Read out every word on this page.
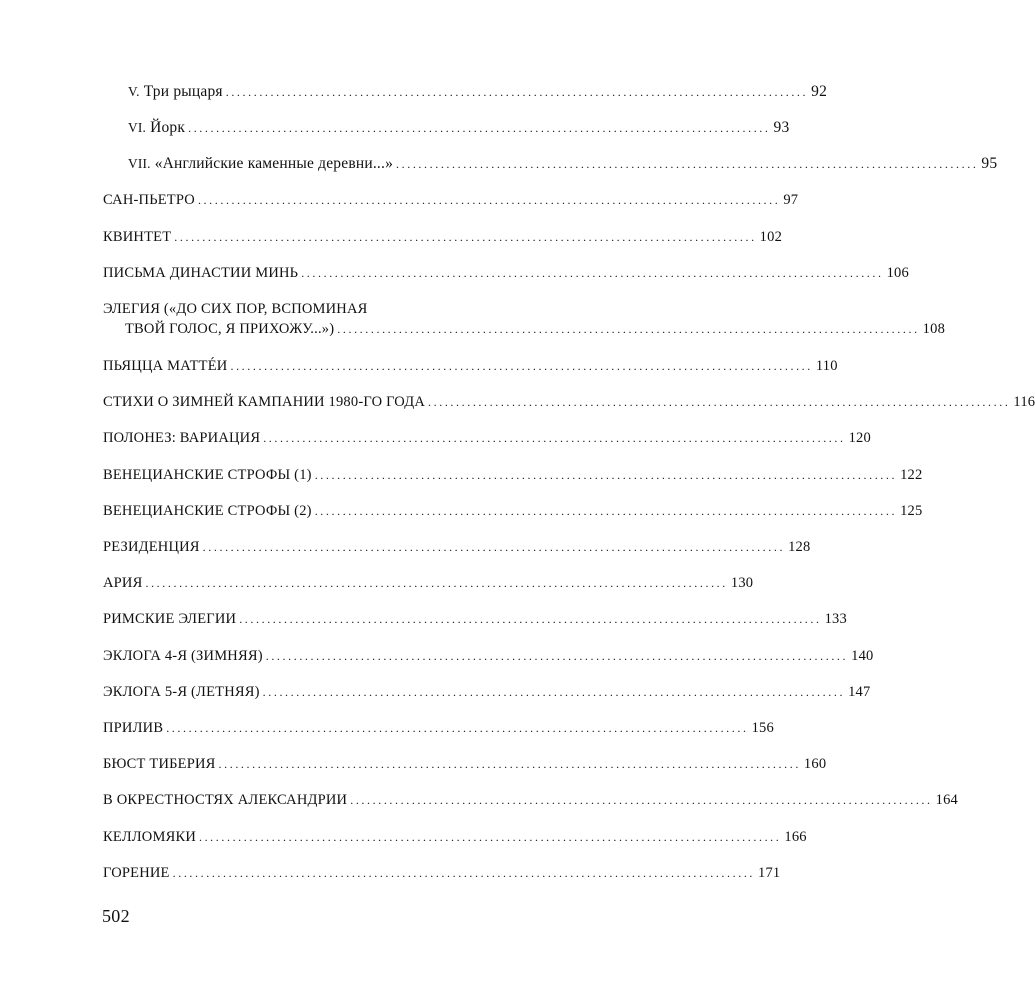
V. Три рыцаря ........................................................................................................ 92
VI. Йорк ........................................................................................................ 93
VII. «Английские каменные деревни...» ........................................................................................................ 95
САН-ПЬЕТРО ........................................................................................................ 97
КВИНТЕТ ........................................................................................................ 102
ПИСЬМА ДИНАСТИИ МИНЬ ........................................................................................................ 106
ЭЛЕГИЯ («ДО СИХ ПОР, ВСПОМИНАЯ
ТВОЙ ГОЛОС, Я ПРИХОЖУ...») ........................................................................................................ 108
ПЬЯЦЦА МАТТÉИ ........................................................................................................ 110
СТИХИ О ЗИМНЕЙ КАМПАНИИ 1980-ГО ГОДА ........................................................................................................ 116
ПОЛОНЕЗ: ВАРИАЦИЯ ........................................................................................................ 120
ВЕНЕЦИАНСКИЕ СТРОФЫ (1) ........................................................................................................ 122
ВЕНЕЦИАНСКИЕ СТРОФЫ (2) ........................................................................................................ 125
РЕЗИДЕНЦИЯ ........................................................................................................ 128
АРИЯ ........................................................................................................ 130
РИМСКИЕ ЭЛЕГИИ ........................................................................................................ 133
ЭКЛОГА 4-Я (ЗИМНЯЯ) ........................................................................................................ 140
ЭКЛОГА 5-Я (ЛЕТНЯЯ) ........................................................................................................ 147
ПРИЛИВ ........................................................................................................ 156
БЮСТ ТИБЕРИЯ ........................................................................................................ 160
В ОКРЕСТНОСТЯХ АЛЕКСАНДРИИ ........................................................................................................ 164
КЕЛЛОМЯКИ ........................................................................................................ 166
ГОРЕНИЕ ........................................................................................................ 171
502
